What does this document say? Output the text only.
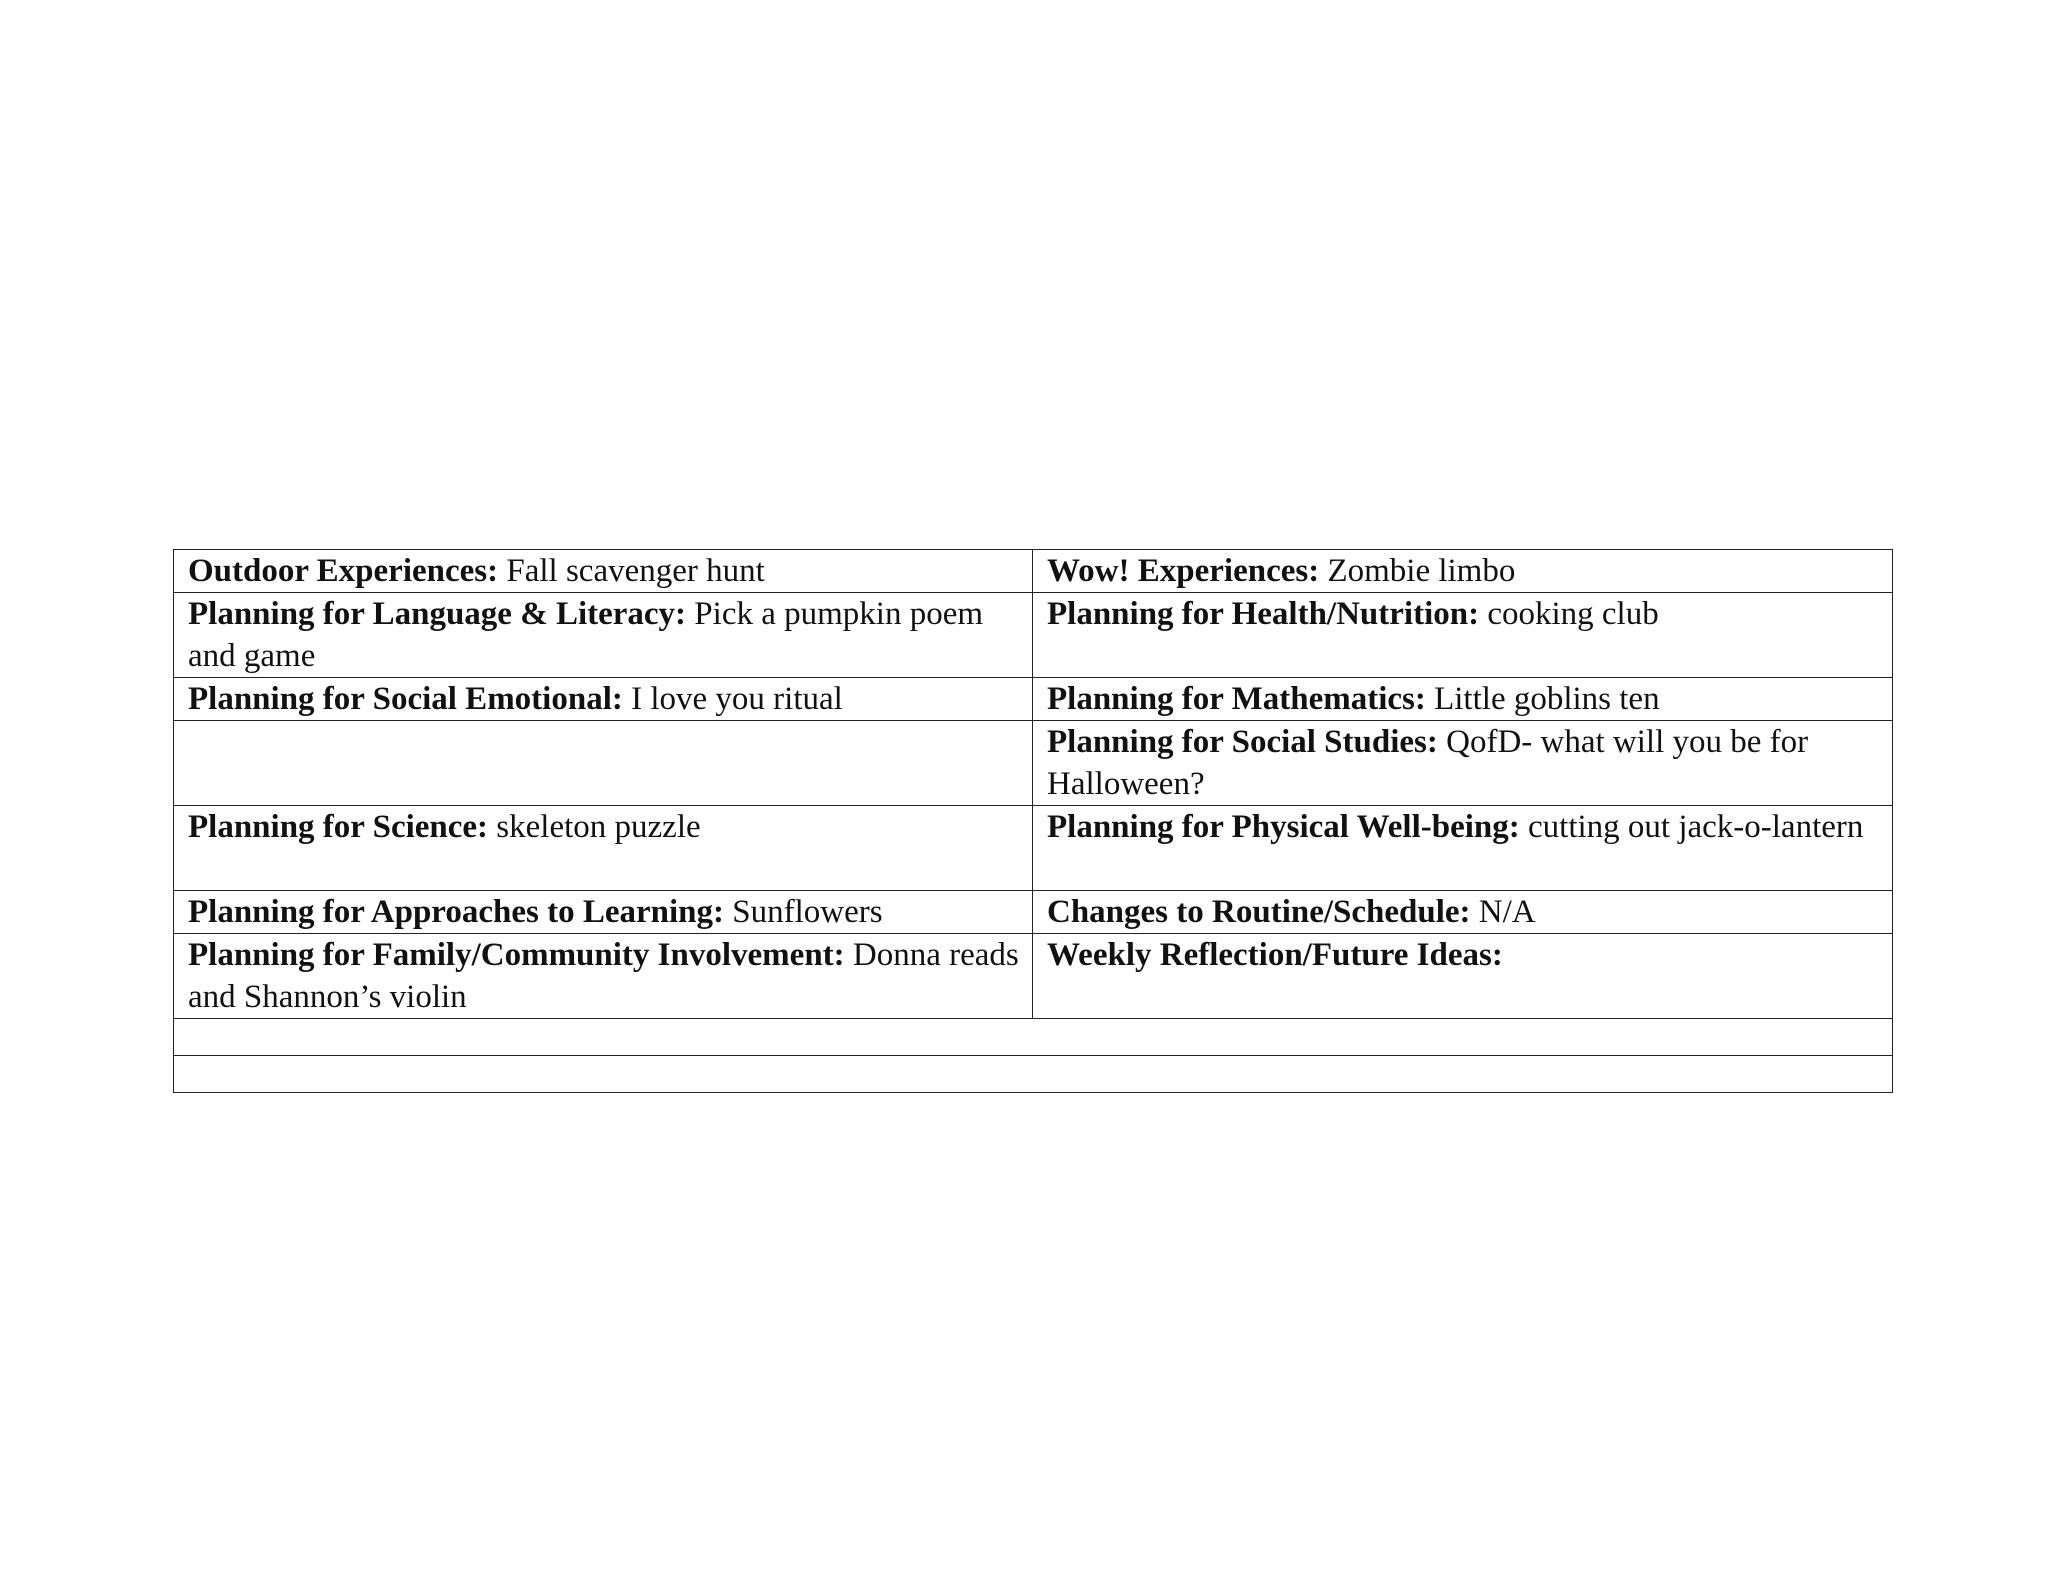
Outdoor Experiences: Fall scavenger hunt	Wow! Experiences: Zombie limbo
Planning for Language & Literacy: Pick a pumpkin poem and game	Planning for Health/Nutrition: cooking club
Planning for Social Emotional: I love you ritual	Planning for Mathematics: Little goblins ten
	Planning for Social Studies: QofD- what will you be for Halloween?
Planning for Science: skeleton puzzle	Planning for Physical Well-being: cutting out jack-o-lantern
Planning for Approaches to Learning: Sunflowers	Changes to Routine/Schedule: N/A
Planning for Family/Community Involvement: Donna reads and Shannon’s violin	Weekly Reflection/Future Ideas:
